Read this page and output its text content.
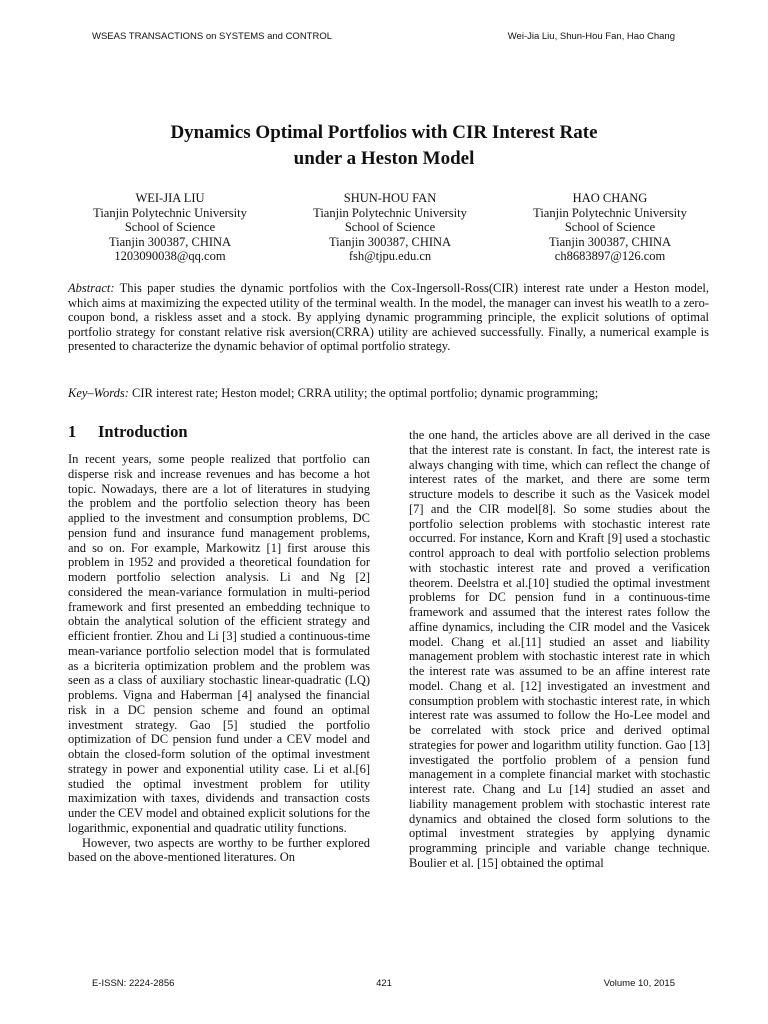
WSEAS TRANSACTIONS on SYSTEMS and CONTROL	Wei-Jia Liu, Shun-Hou Fan, Hao Chang
Dynamics Optimal Portfolios with CIR Interest Rate
under a Heston Model
WEI-JIA LIU
Tianjin Polytechnic University
School of Science
Tianjin 300387, CHINA
1203090038@qq.com
SHUN-HOU FAN
Tianjin Polytechnic University
School of Science
Tianjin 300387, CHINA
fsh@tjpu.edu.cn
HAO CHANG
Tianjin Polytechnic University
School of Science
Tianjin 300387, CHINA
ch8683897@126.com
Abstract: This paper studies the dynamic portfolios with the Cox-Ingersoll-Ross(CIR) interest rate under a Heston model, which aims at maximizing the expected utility of the terminal wealth. In the model, the manager can invest his weatlh to a zero-coupon bond, a riskless asset and a stock. By applying dynamic programming principle, the explicit solutions of optimal portfolio strategy for constant relative risk aversion(CRRA) utility are achieved successfully. Finally, a numerical example is presented to characterize the dynamic behavior of optimal portfolio strategy.
Key–Words: CIR interest rate; Heston model; CRRA utility; the optimal portfolio; dynamic programming;
1 Introduction

In recent years, some people realized that portfolio can disperse risk and increase revenues and has become a hot topic. Nowadays, there are a lot of literatures in studying the problem and the portfolio selection theory has been applied to the investment and consumption problems, DC pension fund and insurance fund management problems, and so on. For example, Markowitz [1] first arouse this problem in 1952 and provided a theoretical foundation for modern portfolio selection analysis. Li and Ng [2] considered the mean-variance formulation in multi-period framework and first presented an embedding technique to obtain the analytical solution of the efficient strategy and efficient frontier. Zhou and Li [3] studied a continuous-time mean-variance portfolio selection model that is formulated as a bicriteria optimization problem and the problem was seen as a class of auxiliary stochastic linear-quadratic (LQ) problems. Vigna and Haberman [4] analysed the financial risk in a DC pension scheme and found an optimal investment strategy. Gao [5] studied the portfolio optimization of DC pension fund under a CEV model and obtain the closed-form solution of the optimal investment strategy in power and exponential utility case. Li et al.[6] studied the optimal investment problem for utility maximization with taxes, dividends and transaction costs under the CEV model and obtained explicit solutions for the logarithmic, exponential and quadratic utility functions.

However, two aspects are worthy to be further explored based on the above-mentioned literatures. On

the one hand, the articles above are all derived in the case that the interest rate is constant. In fact, the interest rate is always changing with time, which can reflect the change of interest rates of the market, and there are some term structure models to describe it such as the Vasicek model [7] and the CIR model[8]. So some studies about the portfolio selection problems with stochastic interest rate occurred. For instance, Korn and Kraft [9] used a stochastic control approach to deal with portfolio selection problems with stochastic interest rate and proved a verification theorem. Deelstra et al.[10] studied the optimal investment problems for DC pension fund in a continuous-time framework and assumed that the interest rates follow the affine dynamics, including the CIR model and the Vasicek model. Chang et al.[11] studied an asset and liability management problem with stochastic interest rate in which the interest rate was assumed to be an affine interest rate model. Chang et al. [12] investigated an investment and consumption problem with stochastic interest rate, in which interest rate was assumed to follow the Ho-Lee model and be correlated with stock price and derived optimal strategies for power and logarithm utility function. Gao [13] investigated the portfolio problem of a pension fund management in a complete financial market with stochastic interest rate. Chang and Lu [14] studied an asset and liability management problem with stochastic interest rate dynamics and obtained the closed form solutions to the optimal investment strategies by applying dynamic programming principle and variable change technique. Boulier et al. [15] obtained the optimal

E-ISSN: 2224-2856	421	Volume 10, 2015
